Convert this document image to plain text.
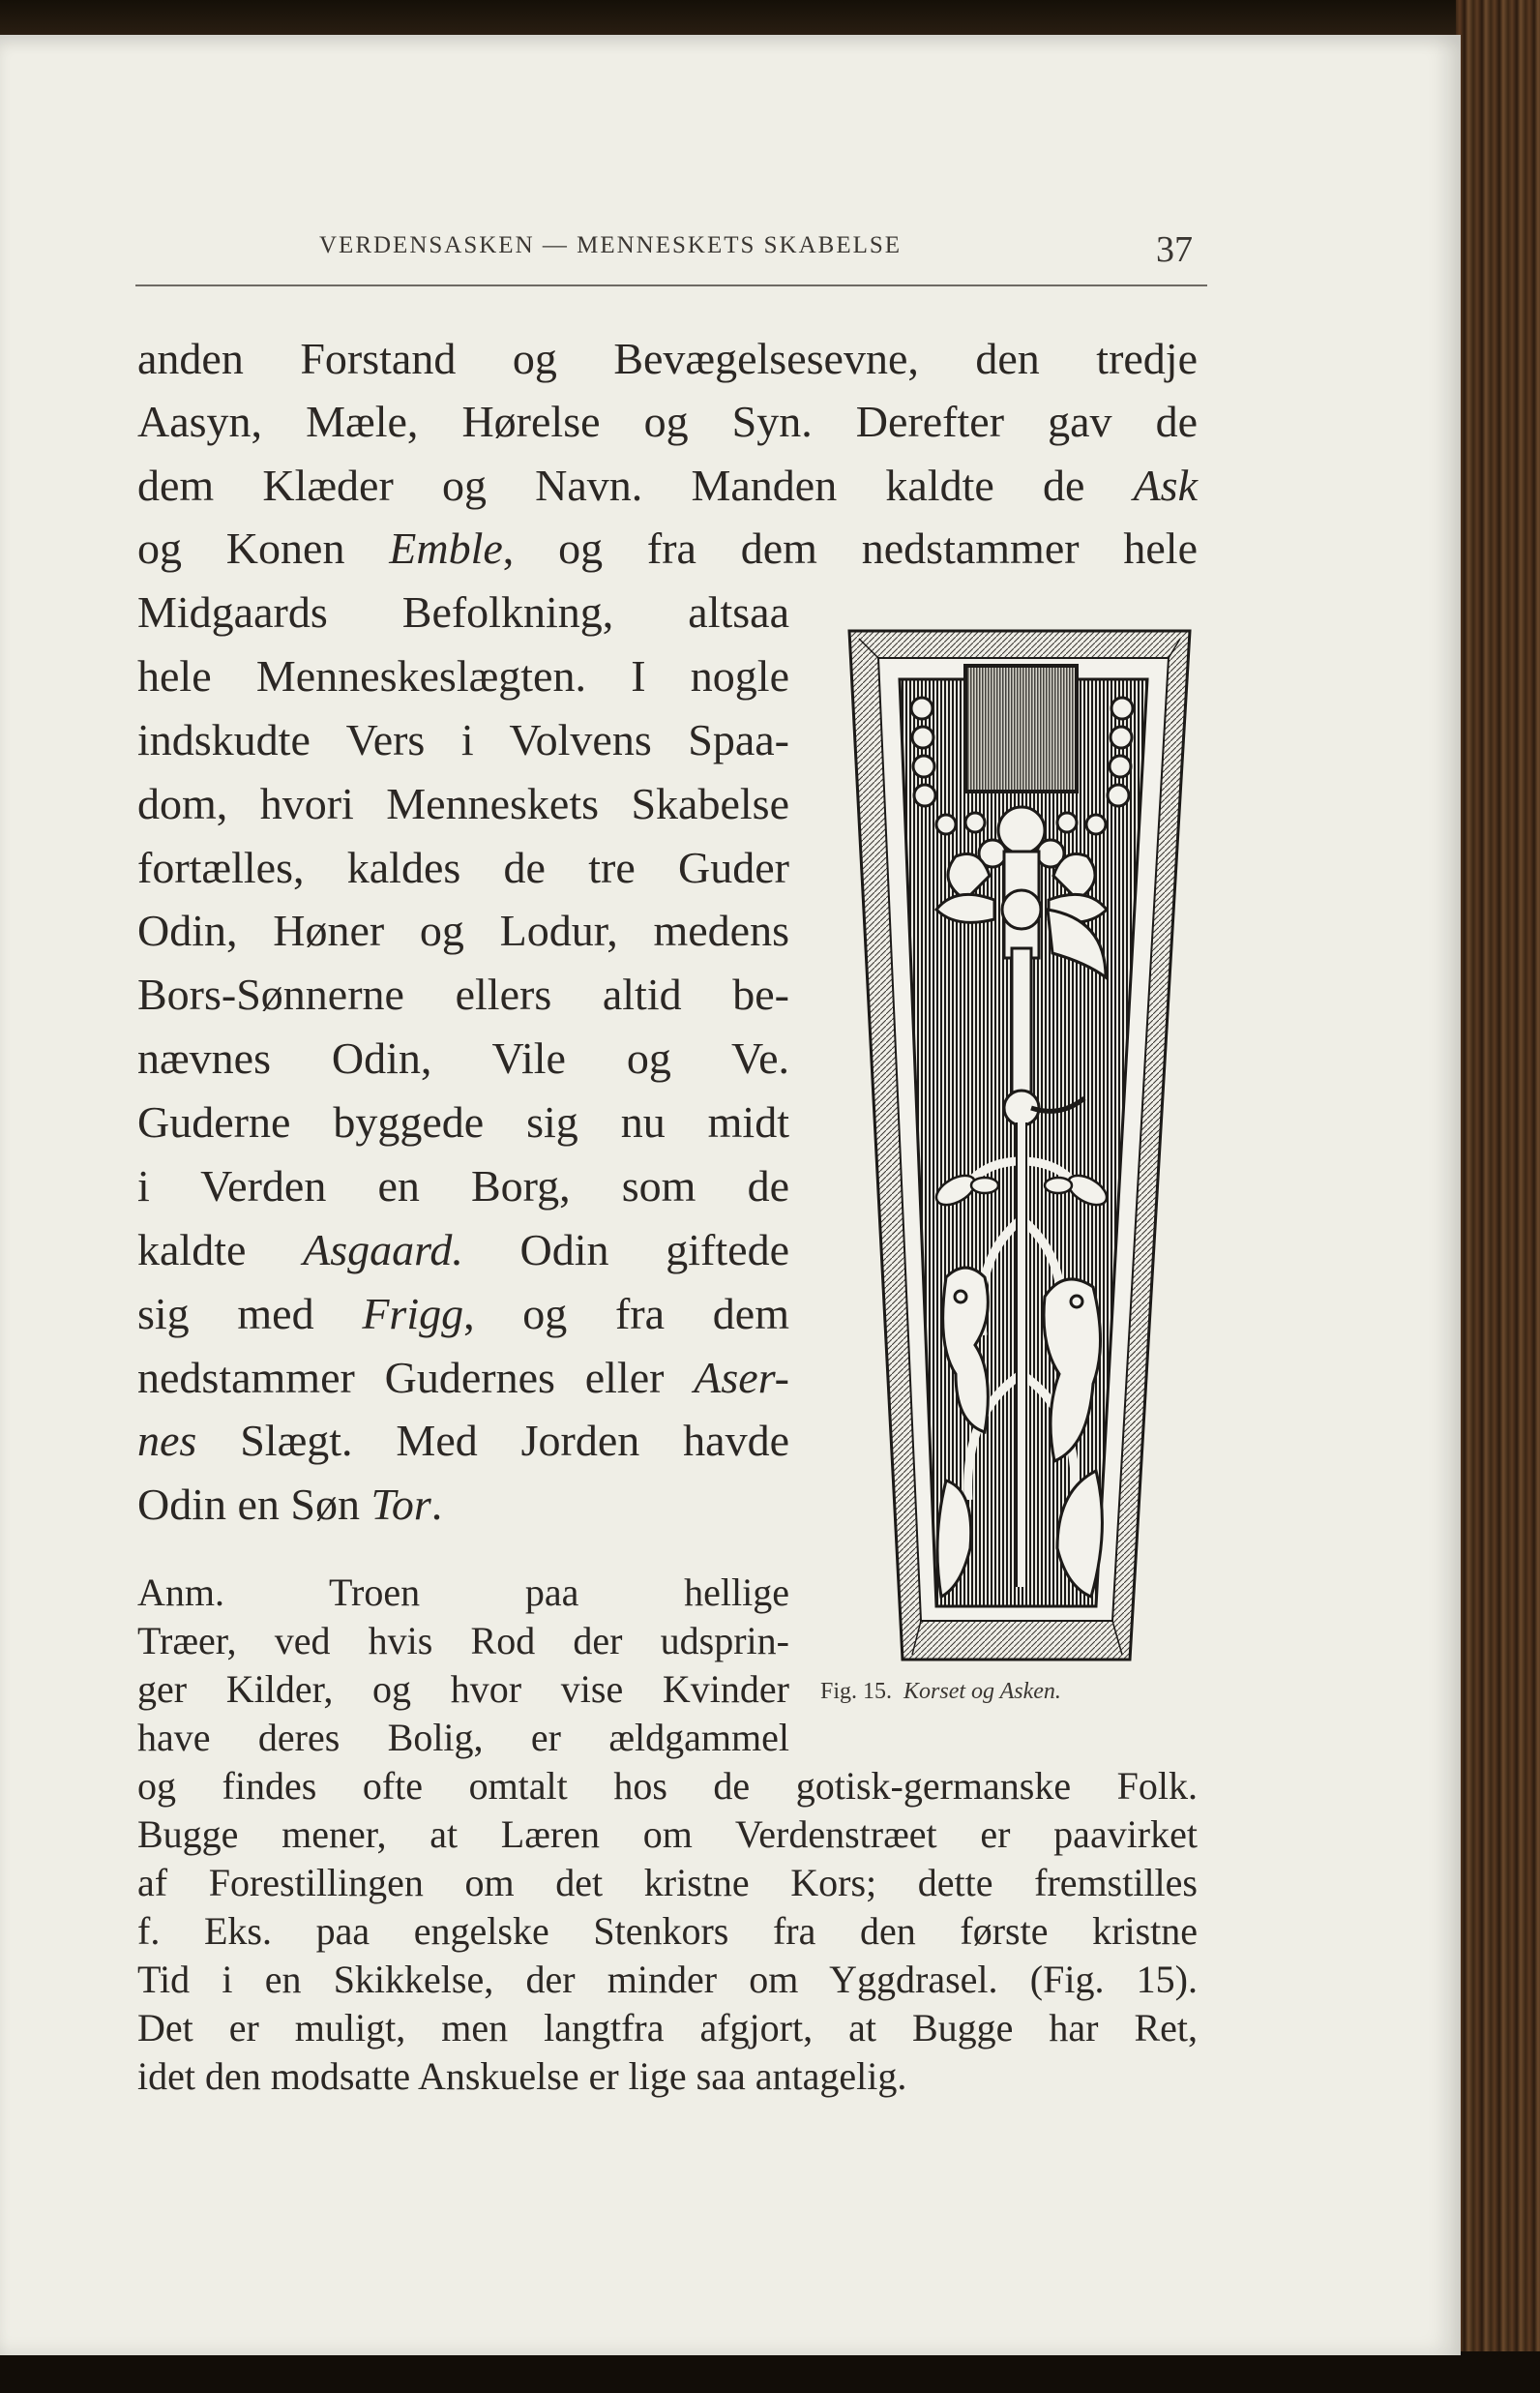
VERDENSASKEN — MENNESKETS SKABELSE	37
anden Forstand og Bevægelsesevne, den tredje
Aasyn, Mæle, Hørelse og Syn. Derefter gav de
dem Klæder og Navn. Manden kaldte de Ask
og Konen Emble, og fra dem nedstammer hele
Midgaards Befolkning, altsaa
hele Menneskeslægten. I nogle
indskudte Vers i Volvens Spaa-
dom, hvori Menneskets Skabelse
fortælles, kaldes de tre Guder
Odin, Høner og Lodur, medens
Bors-Sønnerne ellers altid be-
nævnes Odin, Vile og Ve.
Guderne byggede sig nu midt
i Verden en Borg, som de
kaldte Asgaard. Odin giftede
sig med Frigg, og fra dem
nedstammer Gudernes eller Aser-
nes Slægt. Med Jorden havde
Odin en Søn Tor.
Anm. Troen paa hellige
Træer, ved hvis Rod der udsprin-
ger Kilder, og hvor vise Kvinder
have deres Bolig, er ældgammel
og findes ofte omtalt hos de gotisk-germanske Folk.
Bugge mener, at Læren om Verdenstræet er paavirket
af Forestillingen om det kristne Kors; dette fremstilles
f. Eks. paa engelske Stenkors fra den første kristne
Tid i en Skikkelse, der minder om Yggdrasel. (Fig. 15).
Det er muligt, men langtfra afgjort, at Bugge har Ret,
idet den modsatte Anskuelse er lige saa antagelig.
Fig. 15. Korset og Asken.
